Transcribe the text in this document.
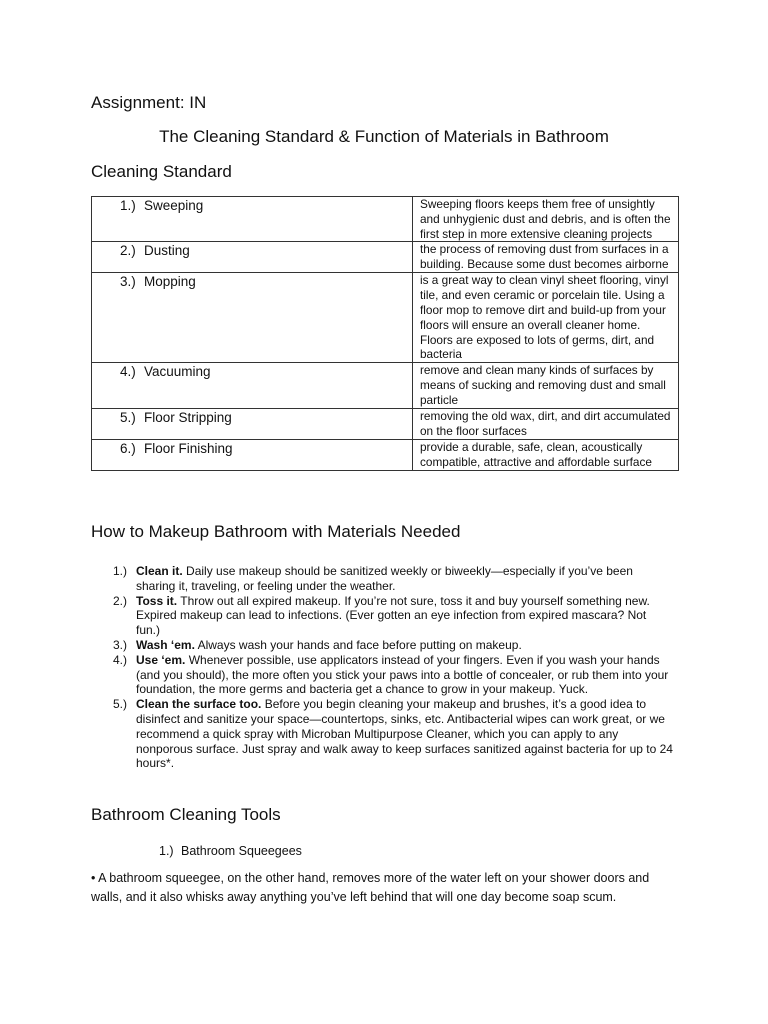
Assignment: IN
The Cleaning Standard & Function of Materials in Bathroom
Cleaning Standard
1.) Sweeping	Sweeping floors keeps them free of unsightly and unhygienic dust and debris, and is often the first step in more extensive cleaning projects
2.) Dusting	the process of removing dust from surfaces in a building. Because some dust becomes airborne
3.) Mopping	is a great way to clean vinyl sheet flooring, vinyl tile, and even ceramic or porcelain tile. Using a floor mop to remove dirt and build-up from your floors will ensure an overall cleaner home. Floors are exposed to lots of germs, dirt, and bacteria
4.) Vacuuming	remove and clean many kinds of surfaces by means of sucking and removing dust and small particle
5.) Floor Stripping	removing the old wax, dirt, and dirt accumulated on the floor surfaces
6.) Floor Finishing	provide a durable, safe, clean, acoustically compatible, attractive and affordable surface
How to Makeup Bathroom with Materials Needed
1.) Clean it. Daily use makeup should be sanitized weekly or biweekly—especially if you’ve been sharing it, traveling, or feeling under the weather.
2.) Toss it. Throw out all expired makeup. If you’re not sure, toss it and buy yourself something new. Expired makeup can lead to infections. (Ever gotten an eye infection from expired mascara? Not fun.)
3.) Wash ‘em. Always wash your hands and face before putting on makeup.
4.) Use ‘em. Whenever possible, use applicators instead of your fingers. Even if you wash your hands (and you should), the more often you stick your paws into a bottle of concealer, or rub them into your foundation, the more germs and bacteria get a chance to grow in your makeup. Yuck.
5.) Clean the surface too. Before you begin cleaning your makeup and brushes, it’s a good idea to disinfect and sanitize your space—countertops, sinks, etc. Antibacterial wipes can work great, or we recommend a quick spray with Microban Multipurpose Cleaner, which you can apply to any nonporous surface. Just spray and walk away to keep surfaces sanitized against bacteria for up to 24 hours*.
Bathroom Cleaning Tools
1.) Bathroom Squeegees

• A bathroom squeegee, on the other hand, removes more of the water left on your shower doors and walls, and it also whisks away anything you’ve left behind that will one day become soap scum.
